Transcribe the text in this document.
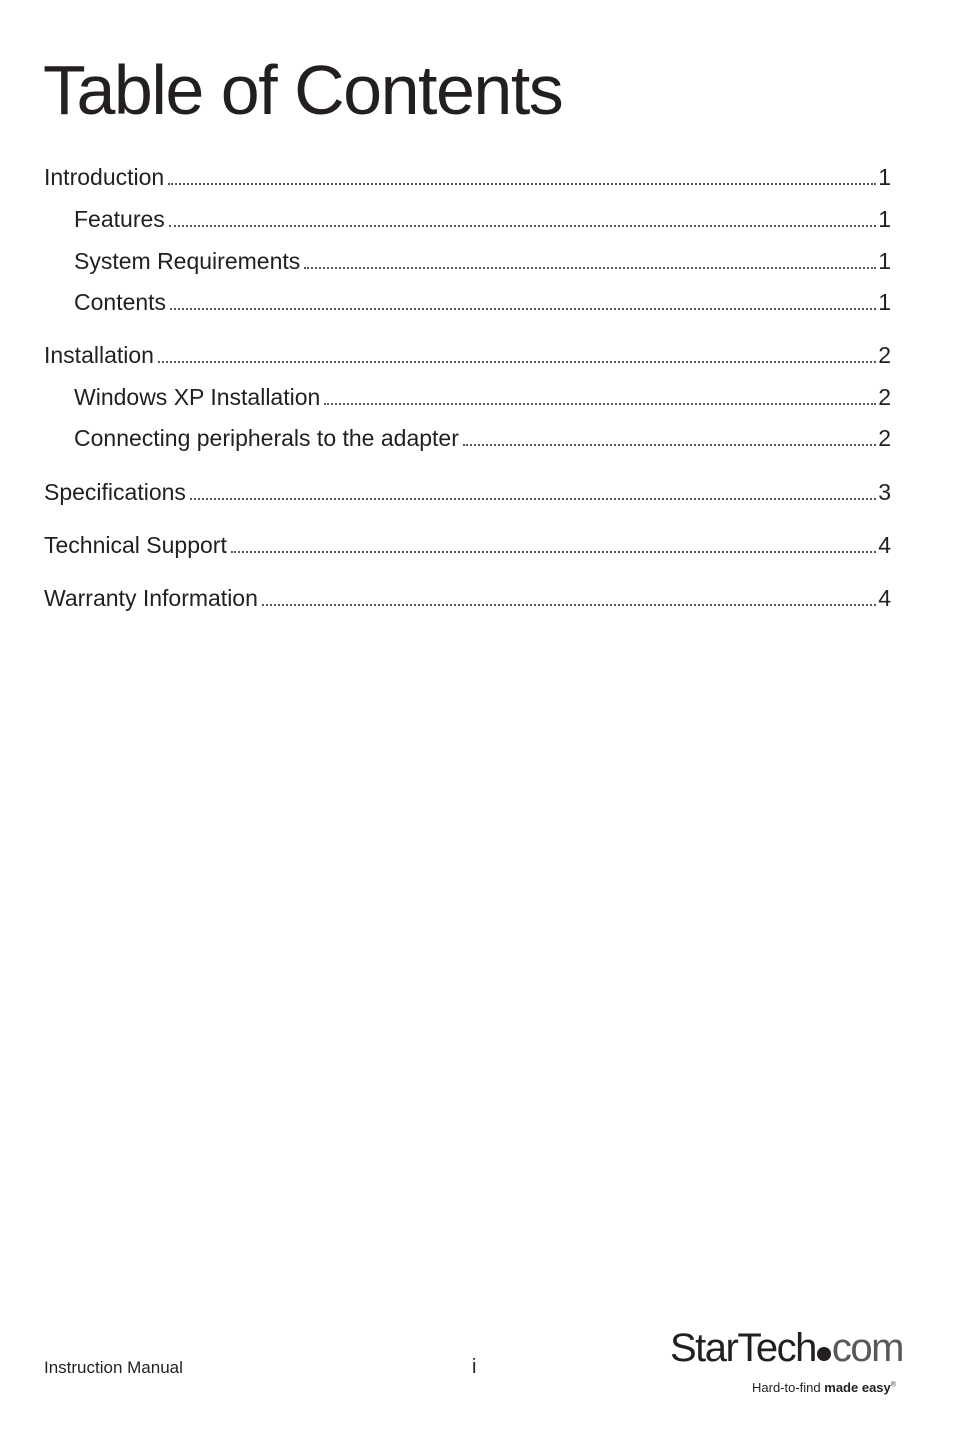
Table of Contents
Introduction	1
Features	1
System Requirements	1
Contents	1
Installation	2
Windows XP Installation	2
Connecting peripherals to the adapter	2
Specifications	3
Technical Support	4
Warranty Information	4
Instruction Manual	i	StarTech com
Hard-to-find made easy®
